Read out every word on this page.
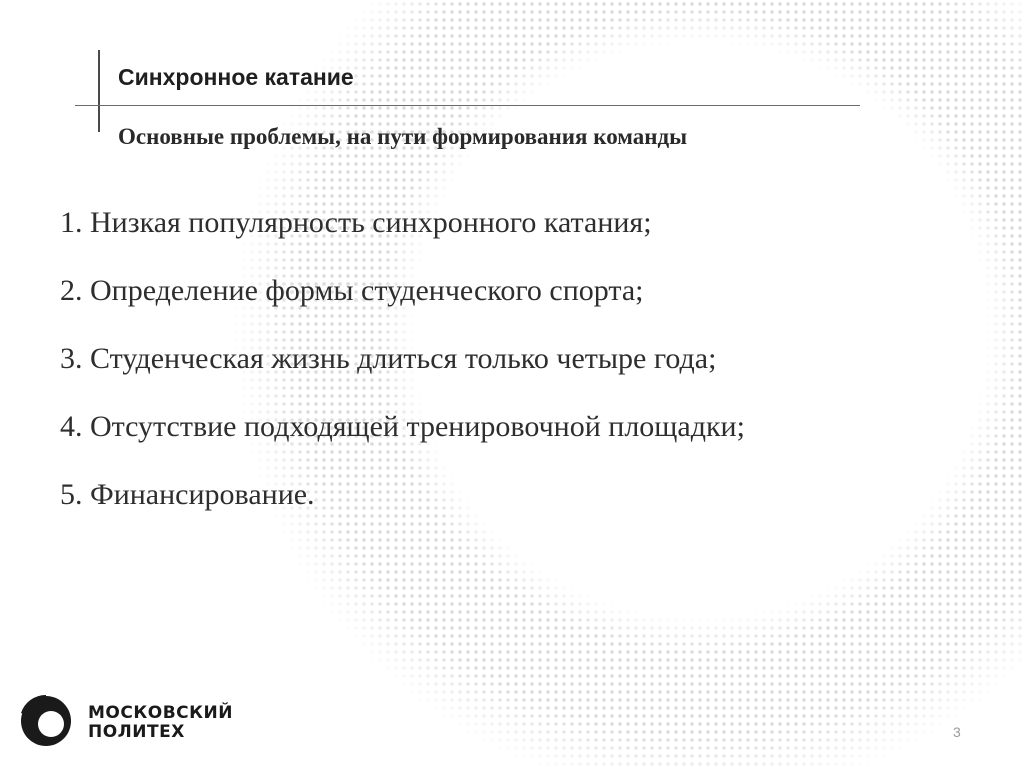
Синхронное катание
Основные проблемы, на пути формирования команды
1. Низкая популярность синхронного катания;
2. Определение формы студенческого спорта;
3. Студенческая жизнь длиться только четыре года;
4. Отсутствие подходящей тренировочной площадки;
5. Финансирование.
МОСКОВСКИЙ
ПОЛИТЕХ	3
